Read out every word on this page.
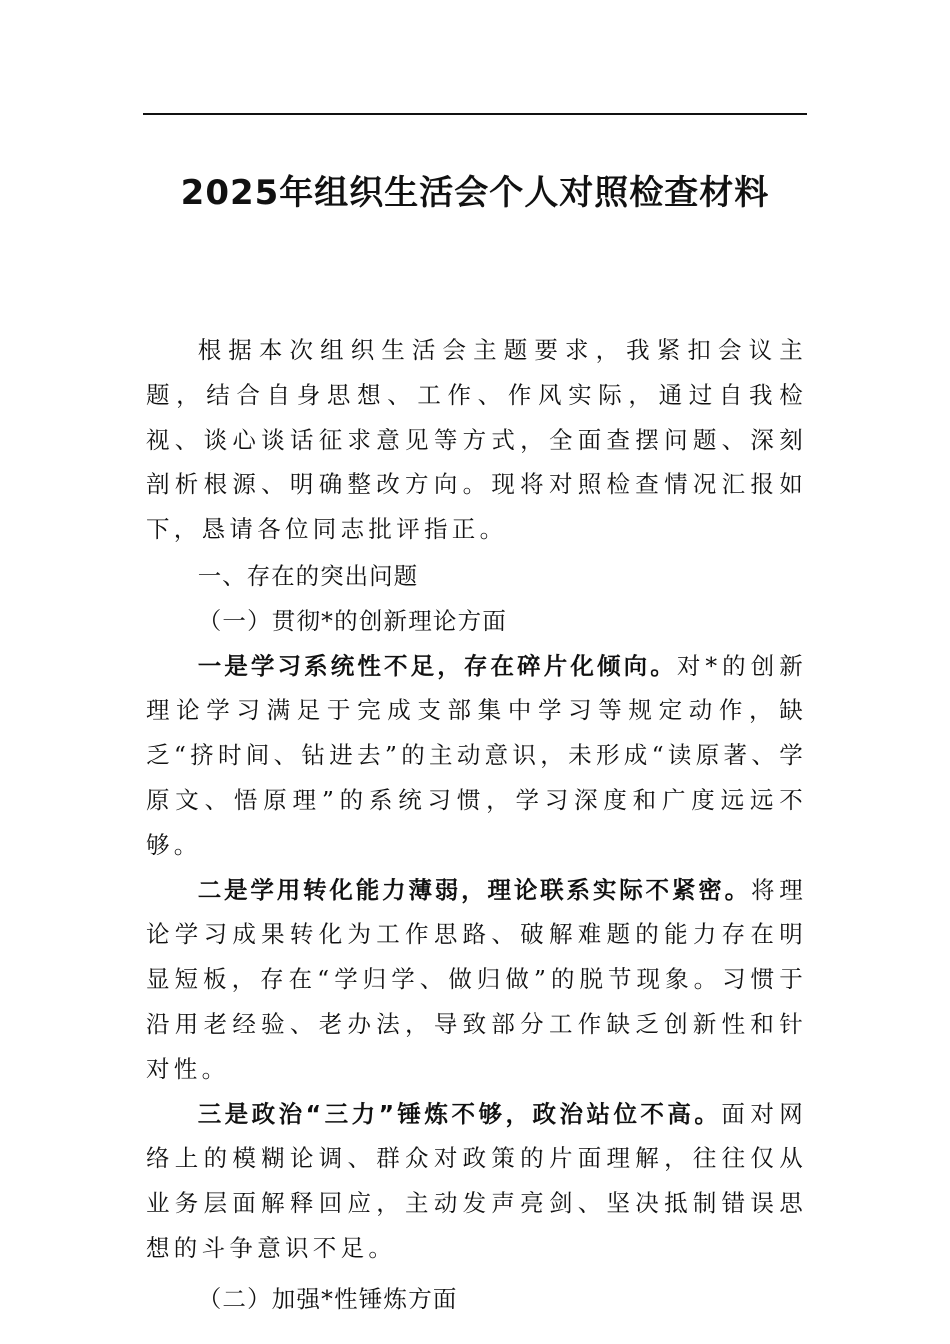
2025年组织生活会个人对照检查材料

根据本次组织生活会主题要求，我紧扣会议主题，结合自身思想、工作、作风实际，通过自我检视、谈心谈话征求意见等方式，全面查摆问题、深刻剖析根源、明确整改方向。现将对照检查情况汇报如下，恳请各位同志批评指正。

一、存在的突出问题

（一）贯彻*的创新理论方面

一是学习系统性不足，存在碎片化倾向。对*的创新理论学习满足于完成支部集中学习等规定动作，缺乏“挤时间、钻进去”的主动意识，未形成“读原著、学原文、悟原理”的系统习惯，学习深度和广度远远不够。

二是学用转化能力薄弱，理论联系实际不紧密。将理论学习成果转化为工作思路、破解难题的能力存在明显短板，存在“学归学、做归做”的脱节现象。习惯于沿用老经验、老办法，导致部分工作缺乏创新性和针对性。

三是政治“三力”锤炼不够，政治站位不高。面对网络上的模糊论调、群众对政策的片面理解，往往仅从业务层面解释回应，主动发声亮剑、坚决抵制错误思想的斗争意识不足。

（二）加强*性锤炼方面
